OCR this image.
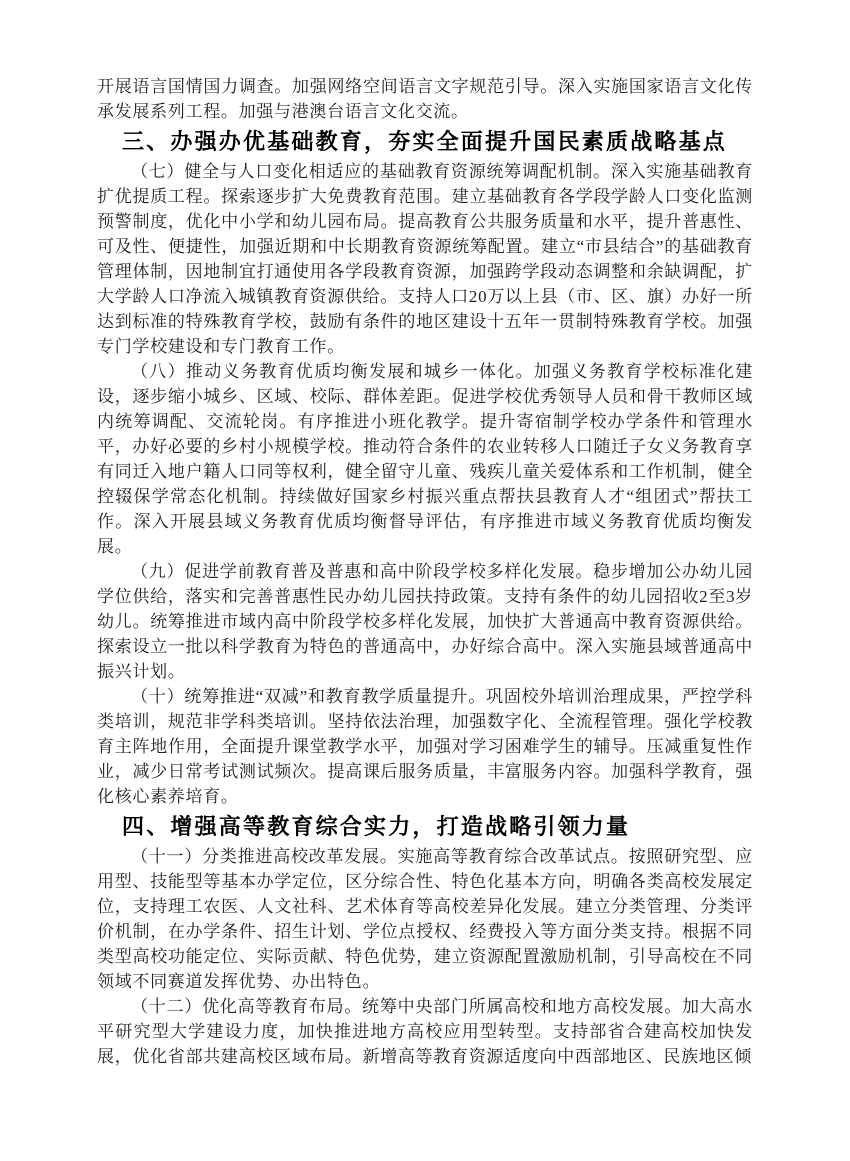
开展语言国情国力调查。加强网络空间语言文字规范引导。深入实施国家语言文化传承发展系列工程。加强与港澳台语言文化交流。

三、办强办优基础教育，夯实全面提升国民素质战略基点

（七）健全与人口变化相适应的基础教育资源统筹调配机制。深入实施基础教育扩优提质工程。探索逐步扩大免费教育范围。建立基础教育各学段学龄人口变化监测预警制度，优化中小学和幼儿园布局。提高教育公共服务质量和水平，提升普惠性、可及性、便捷性，加强近期和中长期教育资源统筹配置。建立“市县结合”的基础教育管理体制，因地制宜打通使用各学段教育资源，加强跨学段动态调整和余缺调配，扩大学龄人口净流入城镇教育资源供给。支持人口20万以上县（市、区、旗）办好一所达到标准的特殊教育学校，鼓励有条件的地区建设十五年一贯制特殊教育学校。加强专门学校建设和专门教育工作。

（八）推动义务教育优质均衡发展和城乡一体化。加强义务教育学校标准化建设，逐步缩小城乡、区域、校际、群体差距。促进学校优秀领导人员和骨干教师区域内统筹调配、交流轮岗。有序推进小班化教学。提升寄宿制学校办学条件和管理水平，办好必要的乡村小规模学校。推动符合条件的农业转移人口随迁子女义务教育享有同迁入地户籍人口同等权利，健全留守儿童、残疾儿童关爱体系和工作机制，健全控辍保学常态化机制。持续做好国家乡村振兴重点帮扶县教育人才“组团式”帮扶工作。深入开展县域义务教育优质均衡督导评估，有序推进市域义务教育优质均衡发展。

（九）促进学前教育普及普惠和高中阶段学校多样化发展。稳步增加公办幼儿园学位供给，落实和完善普惠性民办幼儿园扶持政策。支持有条件的幼儿园招收2至3岁幼儿。统筹推进市域内高中阶段学校多样化发展，加快扩大普通高中教育资源供给。探索设立一批以科学教育为特色的普通高中，办好综合高中。深入实施县域普通高中振兴计划。

（十）统筹推进“双减”和教育教学质量提升。巩固校外培训治理成果，严控学科类培训，规范非学科类培训。坚持依法治理，加强数字化、全流程管理。强化学校教育主阵地作用，全面提升课堂教学水平，加强对学习困难学生的辅导。压减重复性作业，减少日常考试测试频次。提高课后服务质量，丰富服务内容。加强科学教育，强化核心素养培育。

四、增强高等教育综合实力，打造战略引领力量

（十一）分类推进高校改革发展。实施高等教育综合改革试点。按照研究型、应用型、技能型等基本办学定位，区分综合性、特色化基本方向，明确各类高校发展定位，支持理工农医、人文社科、艺术体育等高校差异化发展。建立分类管理、分类评价机制，在办学条件、招生计划、学位点授权、经费投入等方面分类支持。根据不同类型高校功能定位、实际贡献、特色优势，建立资源配置激励机制，引导高校在不同领域不同赛道发挥优势、办出特色。

（十二）优化高等教育布局。统筹中央部门所属高校和地方高校发展。加大高水平研究型大学建设力度，加快推进地方高校应用型转型。支持部省合建高校加快发展，优化省部共建高校区域布局。新增高等教育资源适度向中西部地区、民族地区倾
